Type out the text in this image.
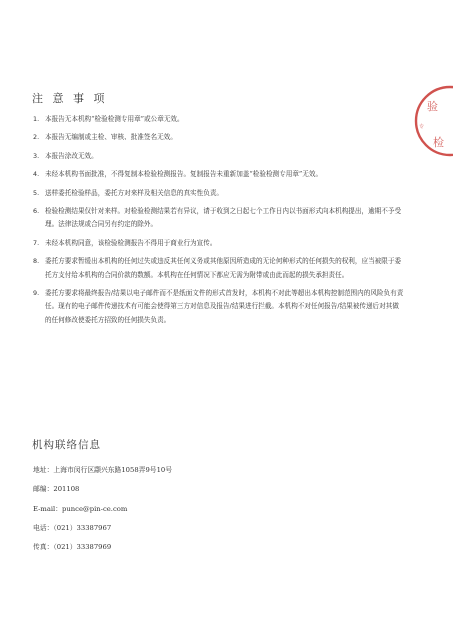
注 意 事 项
1. 本报告无本机构“检验检测专用章”或公章无效。
2. 本报告无编制或主检、审核、批准签名无效。
3. 本报告涂改无效。
4. 未经本机构书面批准，不得复制本检验检测报告。复制报告未重新加盖“检验检测专用章”无效。
5. 送样委托检验样品，委托方对来样及相关信息的真实性负责。
6. 检验检测结果仅针对来样。对检验检测结果若有异议，请于收到之日起七个工作日内以书面形式向本机构提出，逾期不予受理。法律法规或合同另有约定的除外。
7. 未经本机构同意，该检验检测报告不得用于商业行为宣传。
8. 委托方要求暂缓出本机构的任何过失或违反其任何义务或其他原因所造成的无论何种形式的任何损失的权利，应当被限于委托方支付给本机构的合同价款的数额。本机构在任何情况下都应无需为附带或由此而起的损失承担责任。
9. 委托方要求将最终报告/结果以电子邮件而不是纸面文件的形式首发时，本机构不对此等超出本机构控制范围内的风险负有责任。现有的电子邮件传递技术有可能会使得第三方对信息及报告/结果进行拦截。本机构不对任何报告/结果被传递后对其做的任何修改使委托方招致的任何损失负责。
机构联络信息
地址：上海市闵行区颛兴东路1058弄9号10号
邮编：201108
E-mail：punce@pin-ce.com
电话：（021）33387967
传真：（021）33387969
验
检
专
